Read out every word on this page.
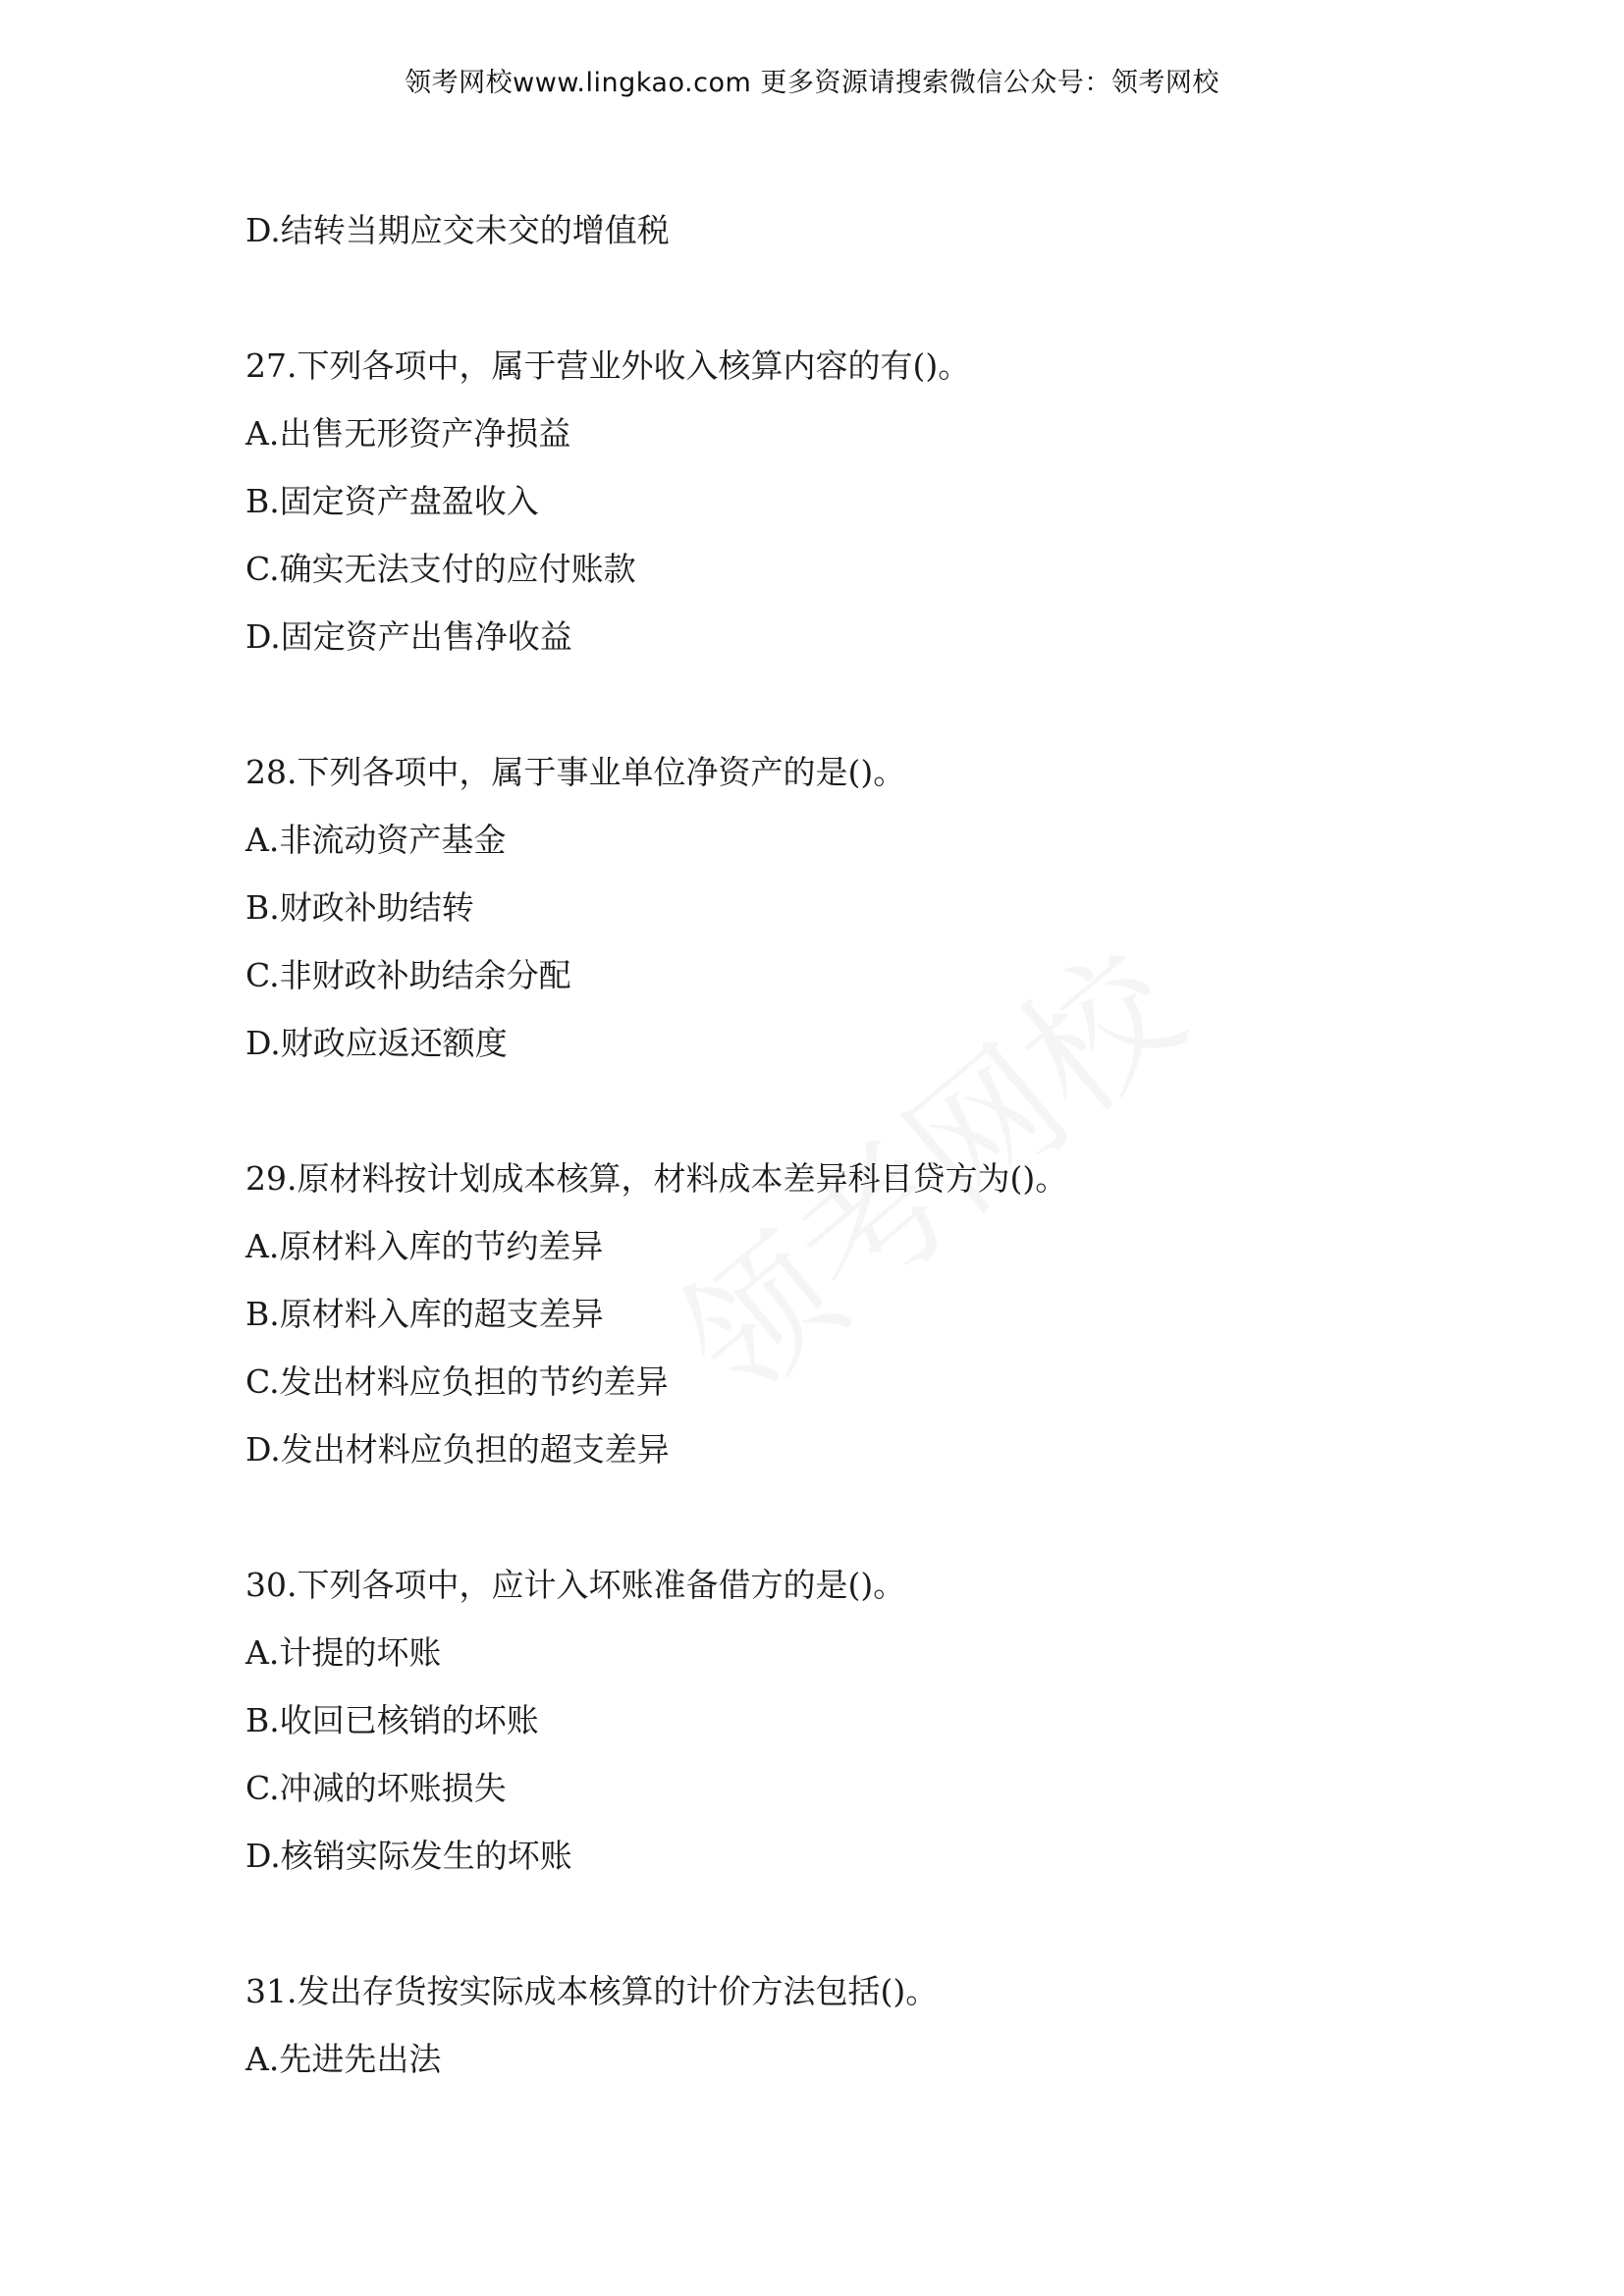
领考网校www.lingkao.com 更多资源请搜索微信公众号：领考网校
D.结转当期应交未交的增值税
27.下列各项中，属于营业外收入核算内容的有()。
A.出售无形资产净损益
B.固定资产盘盈收入
C.确实无法支付的应付账款
D.固定资产出售净收益
28.下列各项中，属于事业单位净资产的是()。
A.非流动资产基金
B.财政补助结转
C.非财政补助结余分配
D.财政应返还额度
29.原材料按计划成本核算，材料成本差异科目贷方为()。
A.原材料入库的节约差异
B.原材料入库的超支差异
C.发出材料应负担的节约差异
D.发出材料应负担的超支差异
30.下列各项中，应计入坏账准备借方的是()。
A.计提的坏账
B.收回已核销的坏账
C.冲减的坏账损失
D.核销实际发生的坏账
31.发出存货按实际成本核算的计价方法包括()。
A.先进先出法
